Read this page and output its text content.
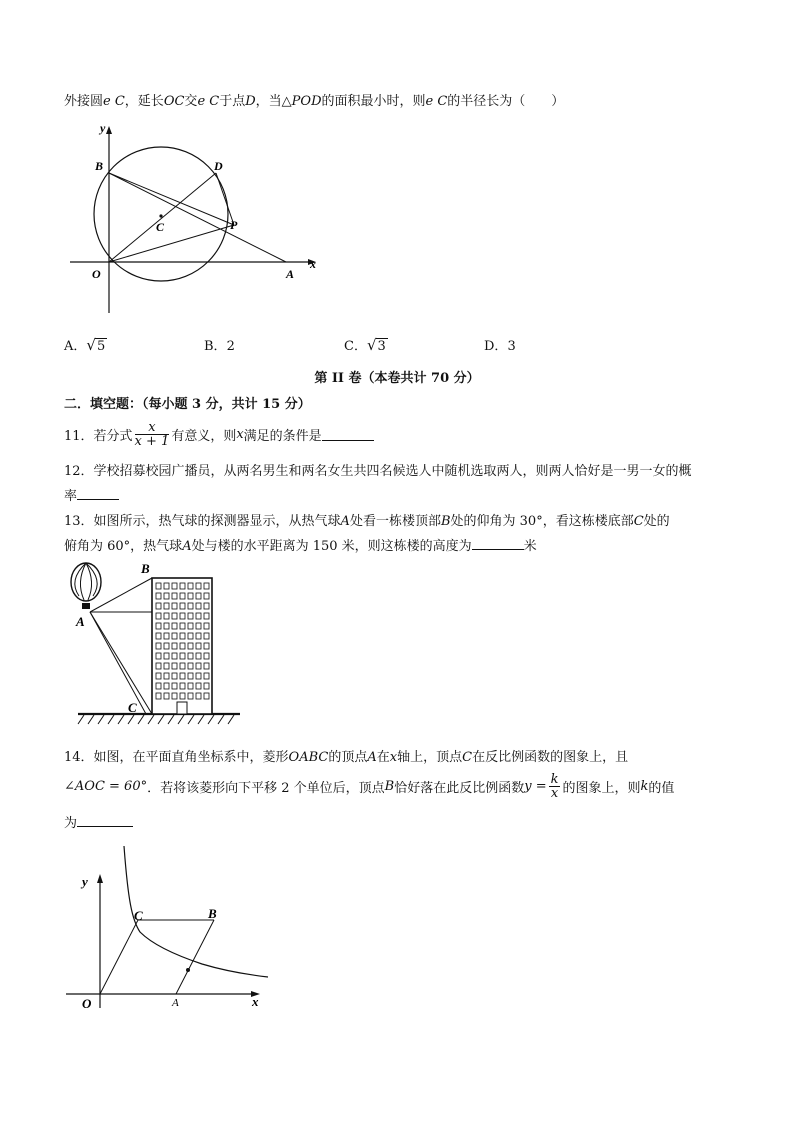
外接圆e C，延长OC交e C于点D，当△POD的面积最小时，则e C的半径长为（　　）
y
x
B	D
C	P
O	A
A．√5	B．2	C．√3	D．3
第 II 卷（本卷共计 70 分）
二．填空题：（每小题 3 分，共计 15 分）
11．若分式 $\frac{x}{x + 1}$ 有意义，则 x 满足的条件是
12．学校招募校园广播员，从两名男生和两名女生共四名候选人中随机选取两人，则两人恰好是一男一女的概
率
13．如图所示，热气球的探测器显示，从热气球A处看一栋楼顶部B处的仰角为 30°，看这栋楼底部C处的
俯角为 60°，热气球A处与楼的水平距离为 150 米，则这栋楼的高度为	米
A
B
C
14．如图，在平面直角坐标系中，菱形OABC的顶点A在x轴上，顶点C在反比例函数的图象上，且
∠AOC = 60° ．若将该菱形向下平移 2 个单位后，顶点 B 恰好落在此反比例函数 $y = \frac{k}{x}$ 的图象上，则 k 的值
为
y
x
C	B
O	A
